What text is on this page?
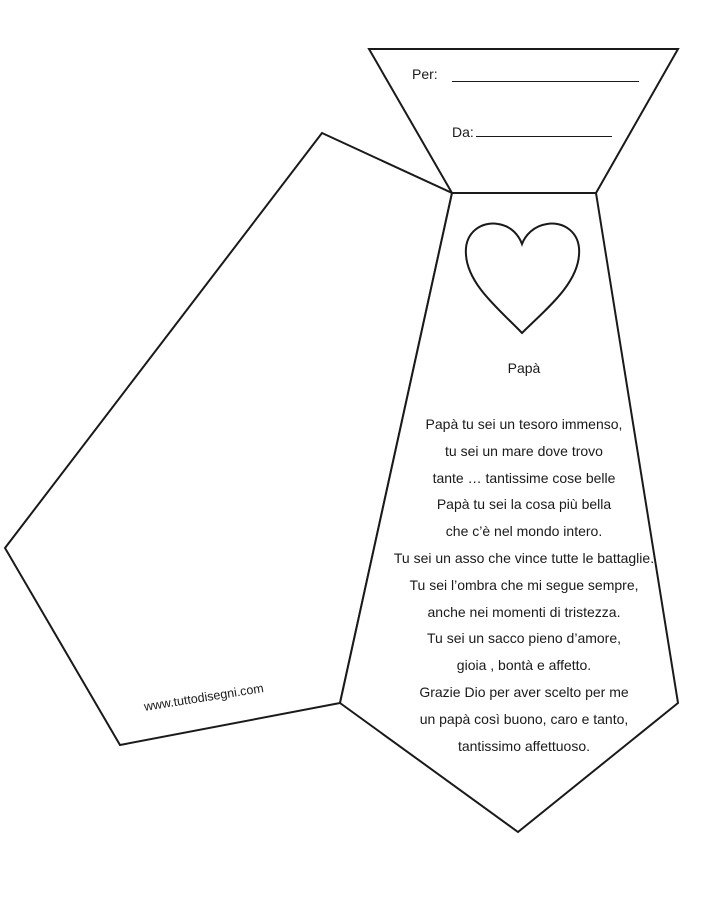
Per:
Da:
Papà
Papà tu sei un tesoro immenso,
tu sei un mare dove trovo
tante … tantissime cose belle
Papà tu sei la cosa più bella
che c’è nel mondo intero.
Tu sei un asso che vince tutte le battaglie.
Tu sei l’ombra che mi segue sempre,
anche nei momenti di tristezza.
Tu sei un sacco pieno d’amore,
gioia , bontà e affetto.
Grazie Dio per aver scelto per me
un papà così buono, caro e tanto,
tantissimo affettuoso.
www.tuttodisegni.com
